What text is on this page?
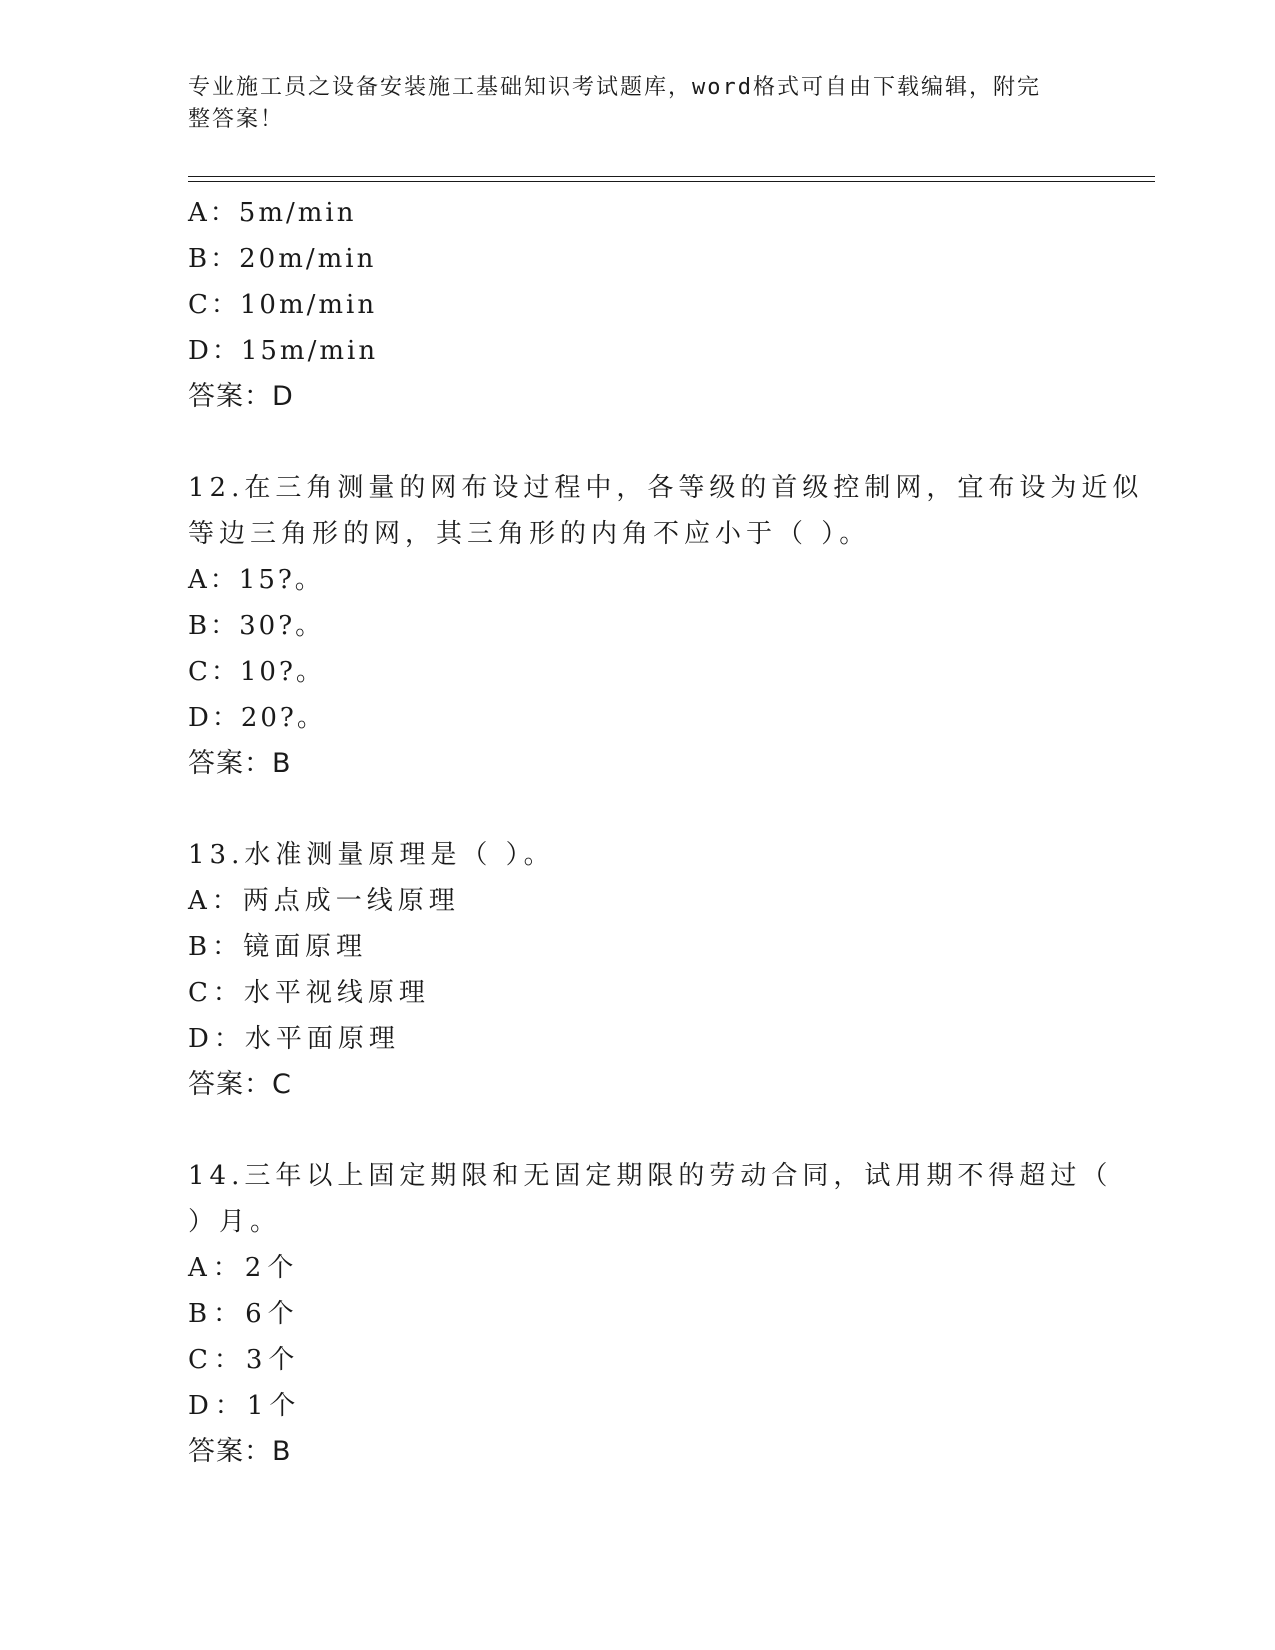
专业施工员之设备安装施工基础知识考试题库，word格式可自由下载编辑，附完
整答案！
A：5m/min
B：20m/min
C：10m/min
D：15m/min
答案：D
12.在三角测量的网布设过程中，各等级的首级控制网，宜布设为近似
等边三角形的网，其三角形的内角不应小于（ ）。
A：15?。
B：30?。
C：10?。
D：20?。
答案：B
13.水准测量原理是（ ）。
A：两点成一线原理
B：镜面原理
C：水平视线原理
D：水平面原理
答案：C
14.三年以上固定期限和无固定期限的劳动合同，试用期不得超过（
）月。
A：2个
B：6个
C：3个
D：1个
答案：B
